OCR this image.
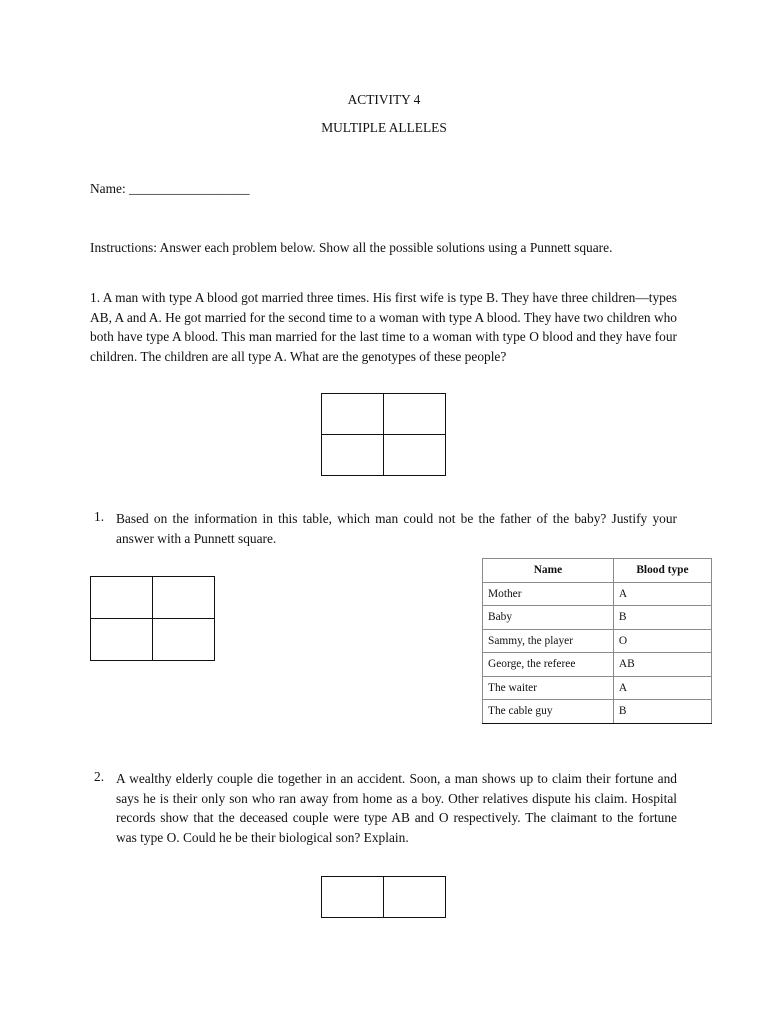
ACTIVITY 4
MULTIPLE ALLELES
Name: __________________
Instructions: Answer each problem below. Show all the possible solutions using a Punnett square.
1. A man with type A blood got married three times. His first wife is type B. They have three children—types AB, A and A. He got married for the second time to a woman with type A blood. They have two children who both have type A blood. This man married for the last time to a woman with type O blood and they have four children. The children are all type A. What are the genotypes of these people?

1. Based on the information in this table, which man could not be the father of the baby? Justify your answer with a Punnett square.

Name	Blood type
Mother	A
Baby	B
Sammy, the player	O
George, the referee	AB
The waiter	A
The cable guy	B
2. A wealthy elderly couple die together in an accident. Soon, a man shows up to claim their fortune and says he is their only son who ran away from home as a boy. Other relatives dispute his claim. Hospital records show that the deceased couple were type AB and O respectively. The claimant to the fortune was type O. Could he be their biological son? Explain.
